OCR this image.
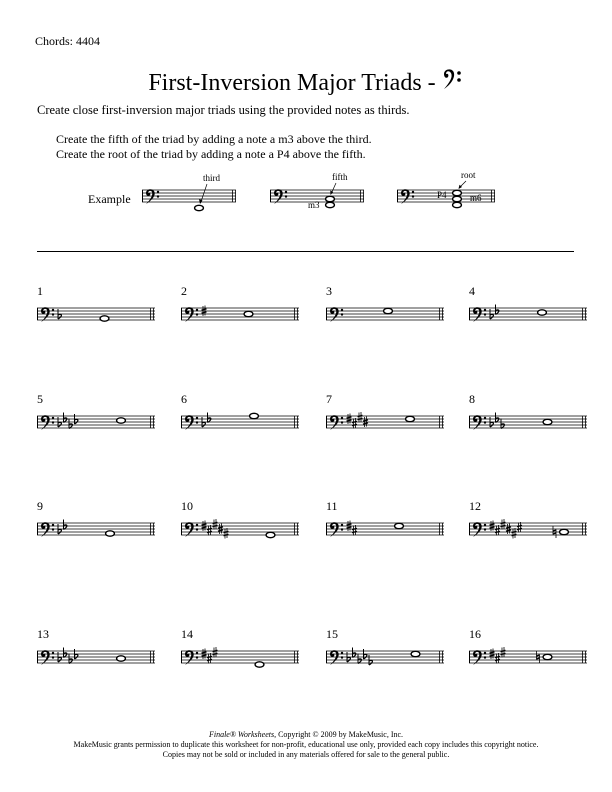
Chords: 4404
First-Inversion Major Triads -
Create close first-inversion major triads using the provided notes as thirds.
Create the fifth of the triad by adding a note a m3 above the third.
Create the root of the triad by adding a note a P4 above the fifth.
Example
third	fifth
m3
root
P4	m6
1	2	3	4
5	6	7	8
9	10	11	12
13	14	15	16
Finale® Worksheets, Copyright © 2009 by MakeMusic, Inc.
MakeMusic grants permission to duplicate this worksheet for non-profit, educational use only, provided each copy includes this copyright notice.
Copies may not be sold or included in any materials offered for sale to the general public.
